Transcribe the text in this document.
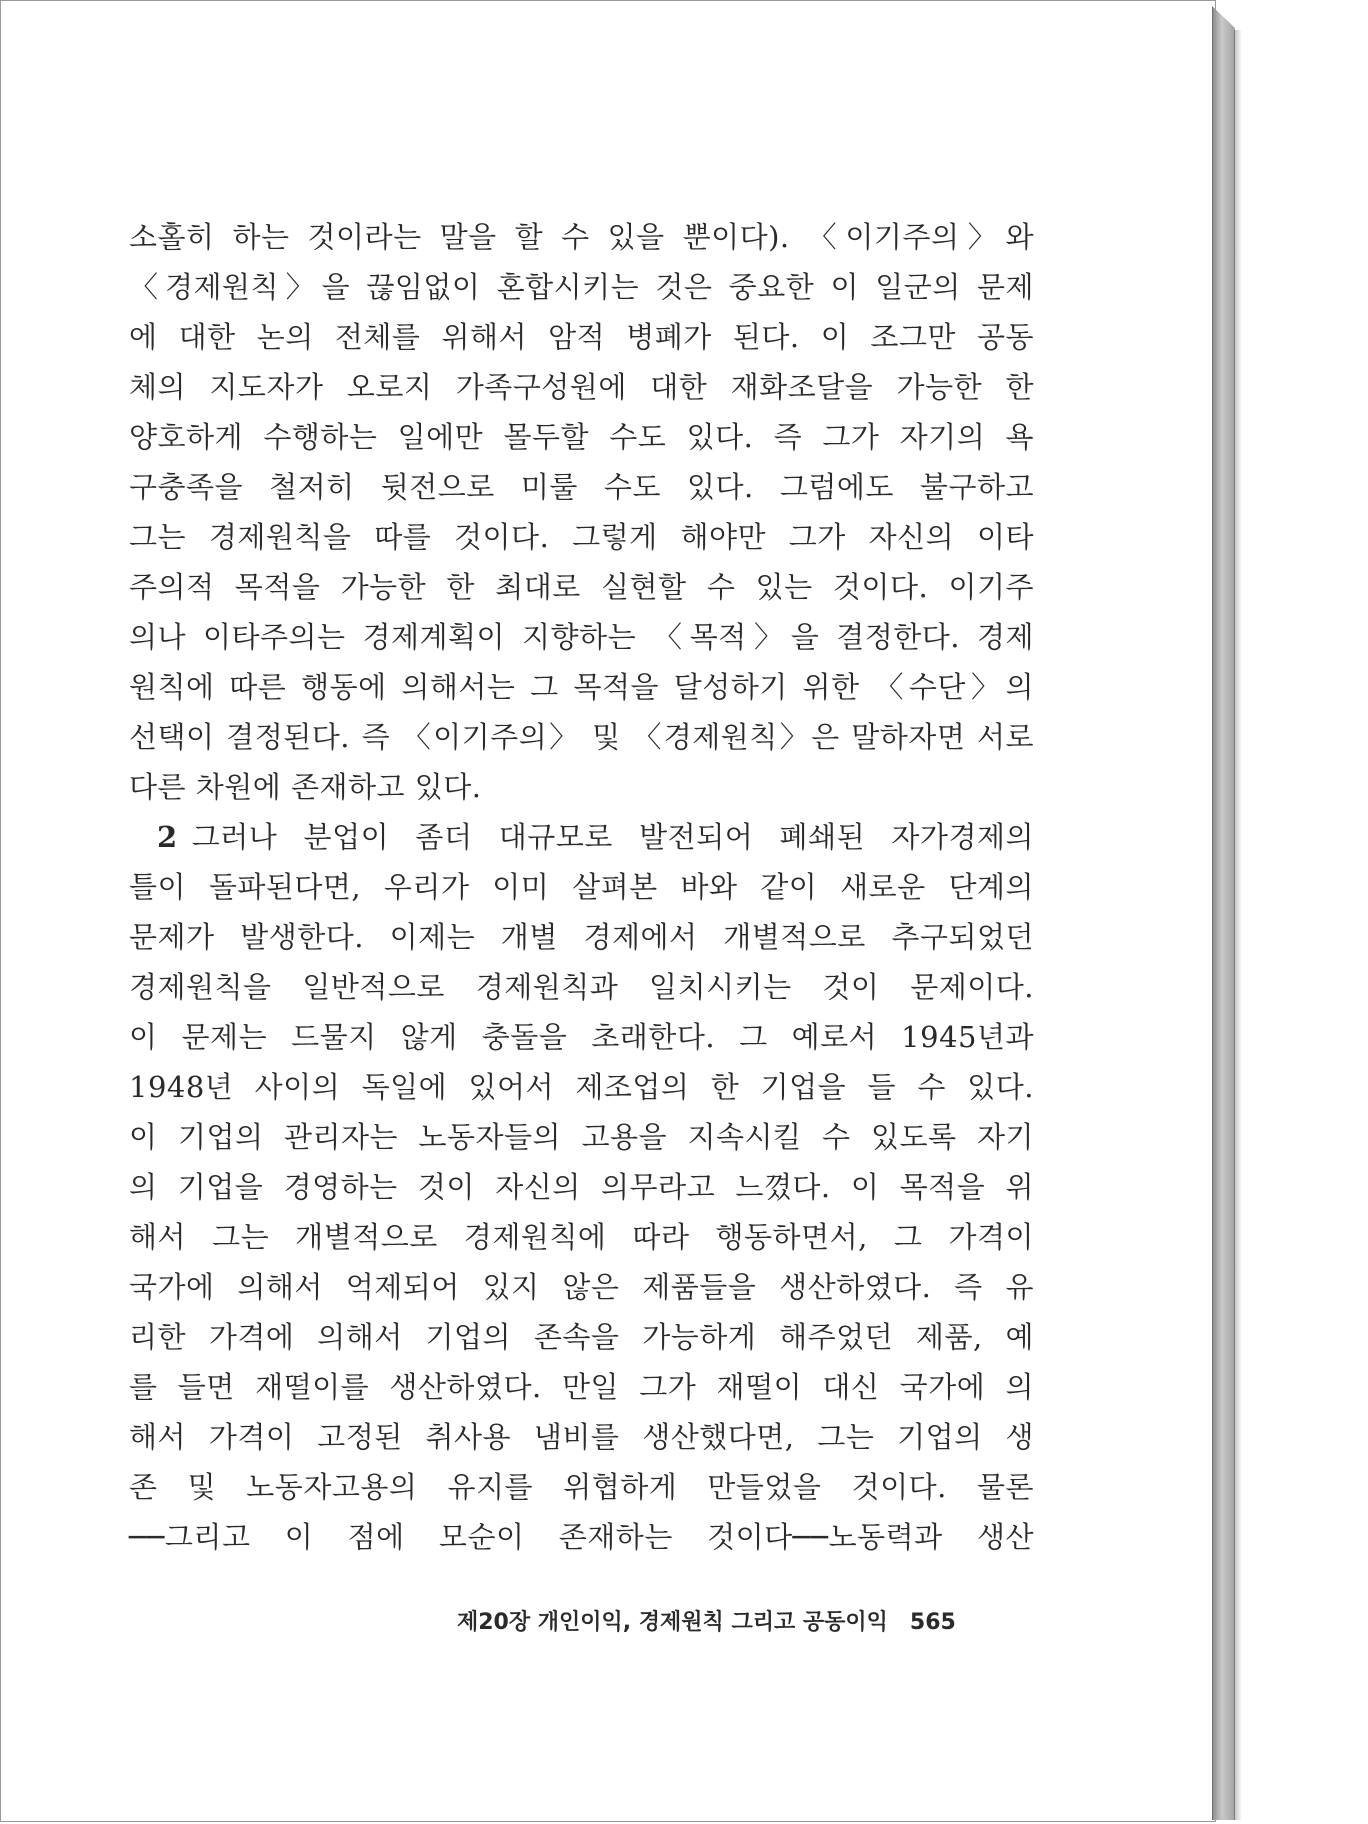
소홀히 하는 것이라는 말을 할 수 있을 뿐이다). 〈이기주의〉와
〈경제원칙〉을 끊임없이 혼합시키는 것은 중요한 이 일군의 문제
에 대한 논의 전체를 위해서 암적 병폐가 된다. 이 조그만 공동
체의 지도자가 오로지 가족구성원에 대한 재화조달을 가능한 한
양호하게 수행하는 일에만 몰두할 수도 있다. 즉 그가 자기의 욕
구충족을 철저히 뒷전으로 미룰 수도 있다. 그럼에도 불구하고
그는 경제원칙을 따를 것이다. 그렇게 해야만 그가 자신의 이타
주의적 목적을 가능한 한 최대로 실현할 수 있는 것이다. 이기주
의나 이타주의는 경제계획이 지향하는 〈목적〉을 결정한다. 경제
원칙에 따른 행동에 의해서는 그 목적을 달성하기 위한 〈수단〉의
선택이 결정된다. 즉 〈이기주의〉 및 〈경제원칙〉은 말하자면 서로
다른 차원에 존재하고 있다.
2 그러나 분업이 좀더 대규모로 발전되어 폐쇄된 자가경제의
틀이 돌파된다면, 우리가 이미 살펴본 바와 같이 새로운 단계의
문제가 발생한다. 이제는 개별 경제에서 개별적으로 추구되었던
경제원칙을 일반적으로 경제원칙과 일치시키는 것이 문제이다.
이 문제는 드물지 않게 충돌을 초래한다. 그 예로서 1945년과
1948년 사이의 독일에 있어서 제조업의 한 기업을 들 수 있다.
이 기업의 관리자는 노동자들의 고용을 지속시킬 수 있도록 자기
의 기업을 경영하는 것이 자신의 의무라고 느꼈다. 이 목적을 위
해서 그는 개별적으로 경제원칙에 따라 행동하면서, 그 가격이
국가에 의해서 억제되어 있지 않은 제품들을 생산하였다. 즉 유
리한 가격에 의해서 기업의 존속을 가능하게 해주었던 제품, 예
를 들면 재떨이를 생산하였다. 만일 그가 재떨이 대신 국가에 의
해서 가격이 고정된 취사용 냄비를 생산했다면, 그는 기업의 생
존 및 노동자고용의 유지를 위협하게 만들었을 것이다. 물론
──그리고 이 점에 모순이 존재하는 것이다──노동력과 생산
제20장 개인이익, 경제원칙 그리고 공동이익 565
